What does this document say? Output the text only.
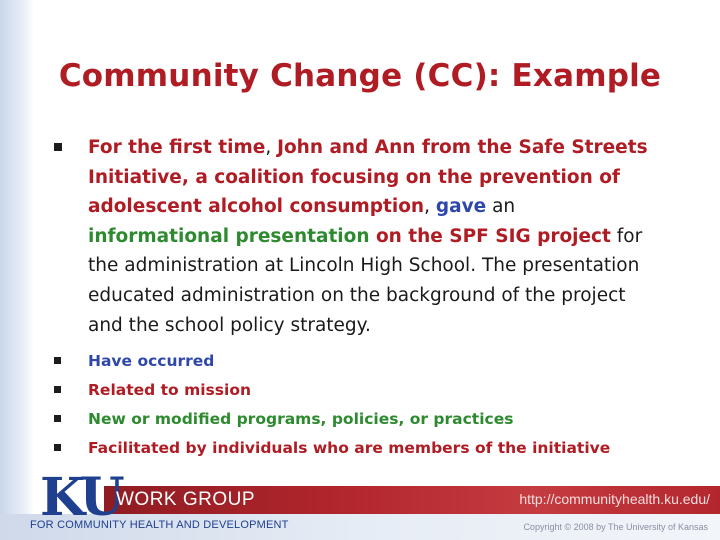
Community Change (CC): Example
For the first time, John and Ann from the Safe Streets Initiative, a coalition focusing on the prevention of adolescent alcohol consumption, gave an informational presentation on the SPF SIG project for the administration at Lincoln High School. The presentation educated administration on the background of the project and the school policy strategy.
Have occurred
Related to mission
New or modified programs, policies, or practices
Facilitated by individuals who are members of the initiative
KU
WORK GROUP	http://communityhealth.ku.edu/
FOR COMMUNITY HEALTH AND DEVELOPMENT	Copyright © 2008 by The University of Kansas
